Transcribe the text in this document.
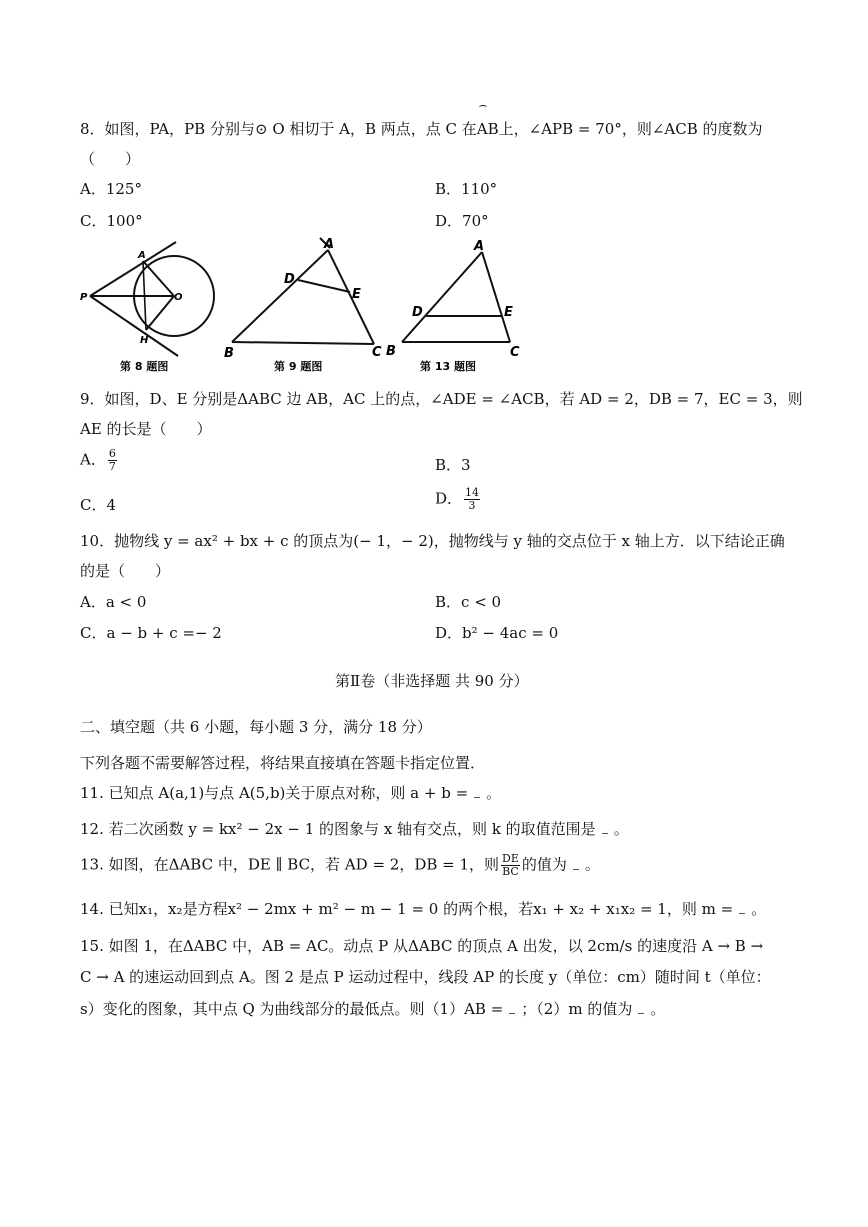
8．如图，PA，PB 分别与⊙ O 相切于 A，B 两点，点 C 在AB上，∠APB = 70°，则∠ACB 的度数为
（　　）
A．125°	B．110°
C．100°	D．70°
A
P	O
H
第 8 题图
A
D
E
B	C
第 9 题图
A
D	E
B	C
第 13 题图
9．如图，D、E 分别是ΔABC 边 AB，AC 上的点，∠ADE = ∠ACB，若 AD = 2，DB = 7，EC = 3，则
AE 的长是（　　）
A． $\frac{6}{7}$	B．3
C．4	D． $\frac{14}{3}$
10．抛物线 y = ax² + bx + c 的顶点为(− 1，− 2)，抛物线与 y 轴的交点位于 x 轴上方．以下结论正确
的是（　　）
A．a < 0	B．c < 0
C．a − b + c =− 2	D．b² − 4ac = 0
第Ⅱ卷（非选择题 共 90 分）
二、填空题（共 6 小题，每小题 3 分，满分 18 分）
下列各题不需要解答过程，将结果直接填在答题卡指定位置．
11. 已知点 A(a,1)与点 A(5,b)关于原点对称，则 a + b = 。
12. 若二次函数 y = kx² − 2x − 1 的图象与 x 轴有交点，则 k 的取值范围是 。
13. 如图，在ΔABC 中，DE ∥ BC，若 AD = 2，DB = 1，则 $\frac{DE}{BC}$ 的值为 。
14. 已知x₁，x₂是方程x² − 2mx + m² − m − 1 = 0 的两个根，若x₁ + x₂ + x₁x₂ = 1，则 m = 。
15. 如图 1，在ΔABC 中，AB = AC。动点 P 从ΔABC 的顶点 A 出发，以 2cm/s 的速度沿 A → B →
C → A 的速运动回到点 A。图 2 是点 P 运动过程中，线段 AP 的长度 y（单位：cm）随时间 t（单位：
s）变化的图象，其中点 Q 为曲线部分的最低点。则（1）AB = ；（2）m 的值为 。
